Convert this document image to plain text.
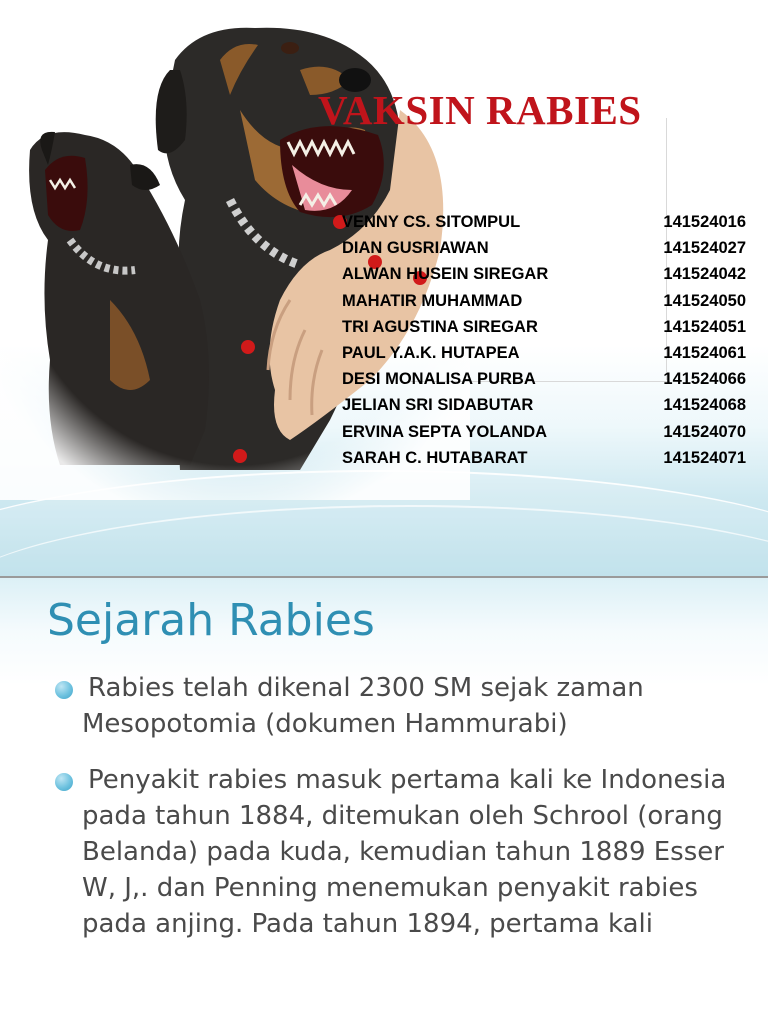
VAKSIN RABIES
VENNY CS. SITOMPUL	141524016
DIAN GUSRIAWAN	141524027
ALWAN HUSEIN SIREGAR	141524042
MAHATIR MUHAMMAD	141524050
TRI AGUSTINA SIREGAR	141524051
PAUL Y.A.K. HUTAPEA	141524061
DESI MONALISA PURBA	141524066
JELIAN SRI SIDABUTAR	141524068
ERVINA SEPTA YOLANDA	141524070
SARAH C. HUTABARAT	141524071
Sejarah Rabies
Rabies telah dikenal 2300 SM sejak zaman Mesopotomia (dokumen Hammurabi)
Penyakit rabies masuk pertama kali ke Indonesia pada tahun 1884, ditemukan oleh Schrool (orang Belanda) pada kuda, kemudian tahun 1889 Esser W, J,. dan Penning menemukan penyakit rabies pada anjing. Pada tahun 1894, pertama kali
